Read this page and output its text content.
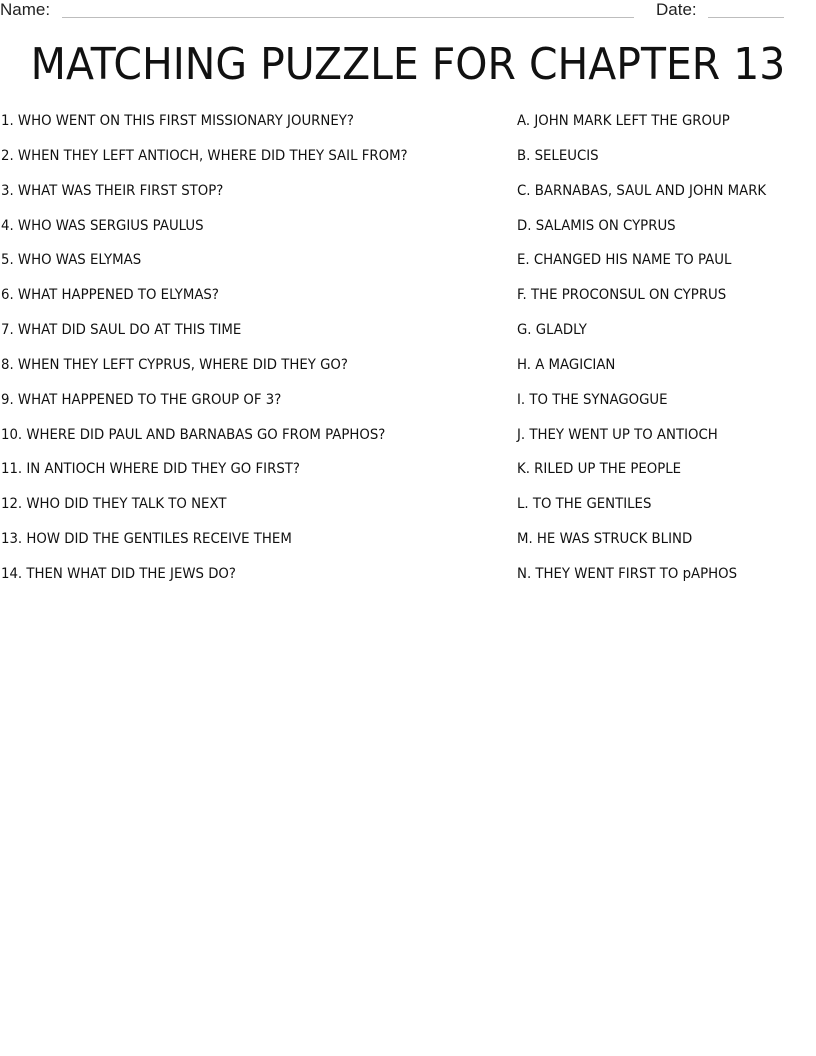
Name:	Date:
MATCHING PUZZLE FOR CHAPTER 13
1. WHO WENT ON THIS FIRST MISSIONARY JOURNEY?
2. WHEN THEY LEFT ANTIOCH, WHERE DID THEY SAIL FROM?
3. WHAT WAS THEIR FIRST STOP?
4. WHO WAS SERGIUS PAULUS
5. WHO WAS ELYMAS
6. WHAT HAPPENED TO ELYMAS?
7. WHAT DID SAUL DO AT THIS TIME
8. WHEN THEY LEFT CYPRUS, WHERE DID THEY GO?
9. WHAT HAPPENED TO THE GROUP OF 3?
10. WHERE DID PAUL AND BARNABAS GO FROM PAPHOS?
11. IN ANTIOCH WHERE DID THEY GO FIRST?
12. WHO DID THEY TALK TO NEXT
13. HOW DID THE GENTILES RECEIVE THEM
14. THEN WHAT DID THE JEWS DO?
A. JOHN MARK LEFT THE GROUP
B. SELEUCIS
C. BARNABAS, SAUL AND JOHN MARK
D. SALAMIS ON CYPRUS
E. CHANGED HIS NAME TO PAUL
F. THE PROCONSUL ON CYPRUS
G. GLADLY
H. A MAGICIAN
I. TO THE SYNAGOGUE
J. THEY WENT UP TO ANTIOCH
K. RILED UP THE PEOPLE
L. TO THE GENTILES
M. HE WAS STRUCK BLIND
N. THEY WENT FIRST TO pAPHOS
